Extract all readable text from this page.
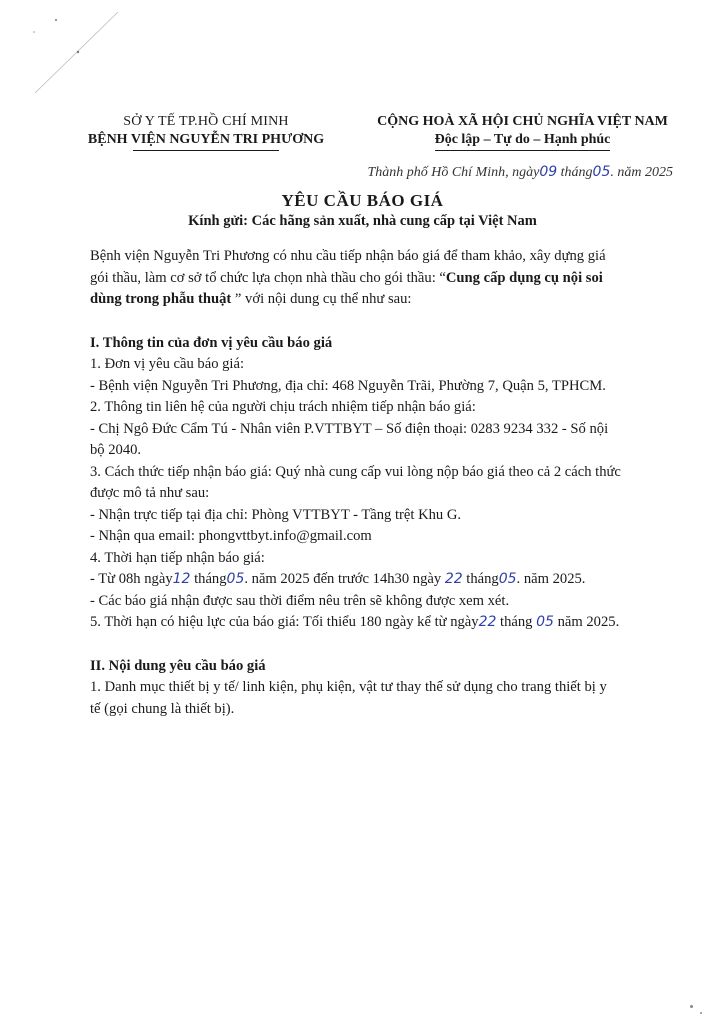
SỞ Y TẾ TP.HỒ CHÍ MINH
BỆNH VIỆN NGUYỄN TRI PHƯƠNG
CỘNG HOÀ XÃ HỘI CHỦ NGHĨA VIỆT NAM
Độc lập – Tự do – Hạnh phúc
Thành phố Hồ Chí Minh, ngày09 tháng05. năm 2025
YÊU CẦU BÁO GIÁ
Kính gửi: Các hãng sản xuất, nhà cung cấp tại Việt Nam

Bệnh viện Nguyễn Tri Phương có nhu cầu tiếp nhận báo giá để tham khảo, xây dựng giá

gói thầu, làm cơ sở tổ chức lựa chọn nhà thầu cho gói thầu: “Cung cấp dụng cụ nội soi

dùng trong phẫu thuật ” với nội dung cụ thể như sau:

I. Thông tin của đơn vị yêu cầu báo giá

1. Đơn vị yêu cầu báo giá:

- Bệnh viện Nguyễn Tri Phương, địa chỉ: 468 Nguyễn Trãi, Phường 7, Quận 5, TPHCM.

2. Thông tin liên hệ của người chịu trách nhiệm tiếp nhận báo giá:

- Chị Ngô Đức Cẩm Tú - Nhân viên P.VTTBYT – Số điện thoại: 0283 9234 332 - Số nội

bộ 2040.

3. Cách thức tiếp nhận báo giá: Quý nhà cung cấp vui lòng nộp báo giá theo cả 2 cách thức

được mô tả như sau:

- Nhận trực tiếp tại địa chỉ: Phòng VTTBYT - Tầng trệt Khu G.

- Nhận qua email: phongvttbyt.info@gmail.com

4. Thời hạn tiếp nhận báo giá:

- Từ 08h ngày12 tháng05. năm 2025 đến trước 14h30 ngày 22 tháng05. năm 2025.

- Các báo giá nhận được sau thời điểm nêu trên sẽ không được xem xét.

5. Thời hạn có hiệu lực của báo giá: Tối thiểu 180 ngày kể từ ngày22 tháng 05 năm 2025.

II. Nội dung yêu cầu báo giá

1. Danh mục thiết bị y tế/ linh kiện, phụ kiện, vật tư thay thế sử dụng cho trang thiết bị y

tế (gọi chung là thiết bị).
